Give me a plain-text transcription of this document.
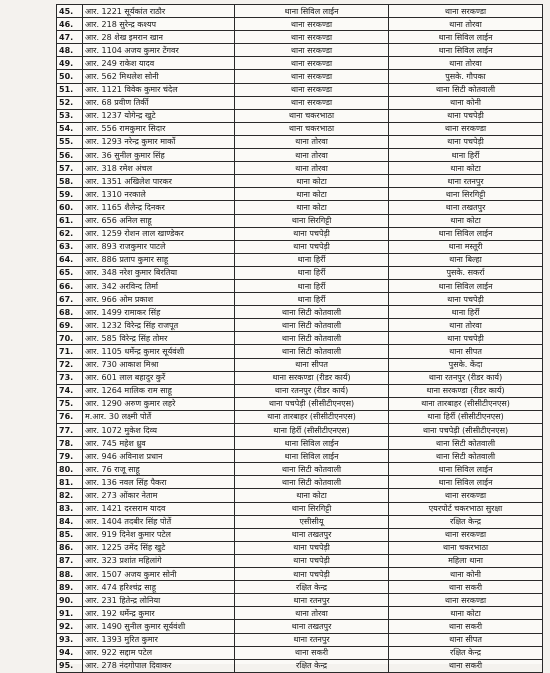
45.	आर. 1221 सूर्यकांत राठौर	थाना सिविल लाईन	थाना सरकण्डा
46.	आर. 218 सुरेन्द्र कश्यप	थाना सरकण्डा	थाना तोरवा
47.	आर. 28 शेख इमरान खान	थाना सरकण्डा	थाना सिविल लाईन
48.	आर. 1104 अजय कुमार टेंगवर	थाना सरकण्डा	थाना सिविल लाईन
49.	आर. 249 राकेश यादव	थाना सरकण्डा	थाना तोरवा
50.	आर. 562 मिथलेश सोनी	थाना सरकण्डा	पुसके. गौपका
51.	आर. 1121 विवेक कुमार चंदेल	थाना सरकण्डा	थाना सिटी कोतवाली
52.	आर. 68 प्रवीण तिर्की	थाना सरकण्डा	थाना कोनी
53.	आर. 1237 योगेन्द्र खुटे	थाना चकरभाठा	थाना पचपेड़ी
54.	आर. 556 रामकुमार सिदार	थाना चकरभाठा	थाना सरकण्डा
55.	आर. 1293 नरेन्द्र कुमार मार्को	थाना तोरवा	थाना पचपेड़ी
56.	आर. 36 सुनील कुमार सिंह	थाना तोरवा	थाना हिर्री
57.	आर. 318 रमेश अंचल	थाना तोरवा	थाना कोटा
58.	आर. 1351 अखिलेश पारकर	थाना कोटा	थाना रतनपुर
59.	आर. 1310 नरकाले	थाना कोटा	थाना सिरगिट्टी
60.	आर. 1165 शैलेन्द्र दिनकर	थाना कोटा	थाना तखतपुर
61.	आर. 656 अनिल साहू	थाना सिरगिट्टी	थाना कोटा
62.	आर. 1259 रोशन लाल खाण्डेकर	थाना पचपेड़ी	थाना सिविल लाईन
63.	आर. 893 राजकुमार पाटले	थाना पचपेड़ी	थाना मस्तूरी
64.	आर. 886 प्रताप कुमार साहू	थाना हिर्री	थाना बिल्हा
65.	आर. 348 नरेश कुमार बिरतिया	थाना हिर्री	पुसके. सकर्रा
66.	आर. 342 अरविन्द तिर्मा	थाना हिर्री	थाना सिविल लाईन
67.	आर. 966 ओम प्रकाश	थाना हिर्री	थाना पचपेड़ी
68.	आर. 1499 रामाकर सिंह	थाना सिटी कोतवाली	थाना हिर्री
69.	आर. 1232 विरेन्द्र सिंह राजपूत	थाना सिटी कोतवाली	थाना तोरवा
70.	आर. 585 विरेन्द्र सिंह तोमर	थाना सिटी कोतवाली	थाना पचपेड़ी
71.	आर. 1105 धर्मेन्द्र कुमार सूर्यवंशी	थाना सिटी कोतवाली	थाना सीपत
72.	आर. 730 आकाश मिश्रा	थाना सीपत	पुसके. केंदा
73.	आर. 601 लाल बहादुर कुर्रे	थाना सरकण्डा (रीडर कार्य)	थाना रतनपुर (रीडर कार्य)
74.	आर. 1264 मालिक राम साहू	थाना रतनपुर (रीडर कार्य)	थाना सरकण्डा (रीडर कार्य)
75.	आर. 1290 अरुण कुमार लहरे	थाना पचपेड़ी (सीसीटीएनएस)	थाना तारबाहर (सीसीटीएनएस)
76.	म.आर. 30 लक्ष्मी पोर्ते	थाना तारबाहर (सीसीटीएनएस)	थाना हिर्री (सीसीटीएनएस)
77.	आर. 1072 मुकेश दिव्य	थाना हिर्री (सीसीटीएनएस)	थाना पचपेड़ी (सीसीटीएनएस)
78.	आर. 745 महेश ध्रुव	थाना सिविल लाईन	थाना सिटी कोतवाली
79.	आर. 946 अविनाश प्रधान	थाना सिविल लाईन	थाना सिटी कोतवाली
80.	आर. 76 राजू साहू	थाना सिटी कोतवाली	थाना सिविल लाईन
81.	आर. 136 नवल सिंह पैकरा	थाना सिटी कोतवाली	थाना सिविल लाईन
82.	आर. 273 ओंकार नेताम	थाना कोटा	थाना सरकण्डा
83.	आर. 1421 दरसराम यादव	थाना सिरगिट्टी	एयरपोर्ट चकरभाठा सुरक्षा
84.	आर. 1404 तदबीर सिंह पोर्ते	एसीसीयू	रक्षित केन्द्र
85.	आर. 919 दिनेश कुमार पटेल	थाना तखतपुर	थाना सरकण्डा
86.	आर. 1225 उमेंद सिंह खुटे	थाना पचपेड़ी	थाना चकरभाठा
87.	आर. 323 प्रशांत महिलांगे	थाना पचपेड़ी	महिला थाना
88.	आर. 1507 अजय कुमार सोनी	थाना पचपेड़ी	थाना कोनी
89.	आर. 474 हरिश्चंद्र साहू	रक्षित केन्द्र	थाना सकरी
90.	आर. 231 हितेन्द्र लोनिया	थाना रतनपुर	थाना सरकण्डा
91.	आर. 192 धर्मेन्द्र कुमार	थाना तोरवा	थाना कोटा
92.	आर. 1490 सुनील कुमार सूर्यवंशी	थाना तखतपुर	थाना सकरी
93.	आर. 1393 मुरित कुमार	थाना रतनपुर	थाना सीपत
94.	आर. 922 सद्दाम पटेल	थाना सकरी	रक्षित केन्द्र
95.	आर. 278 नंदगोपाल दिवाकर	रक्षित केन्द्र	थाना सकरी
